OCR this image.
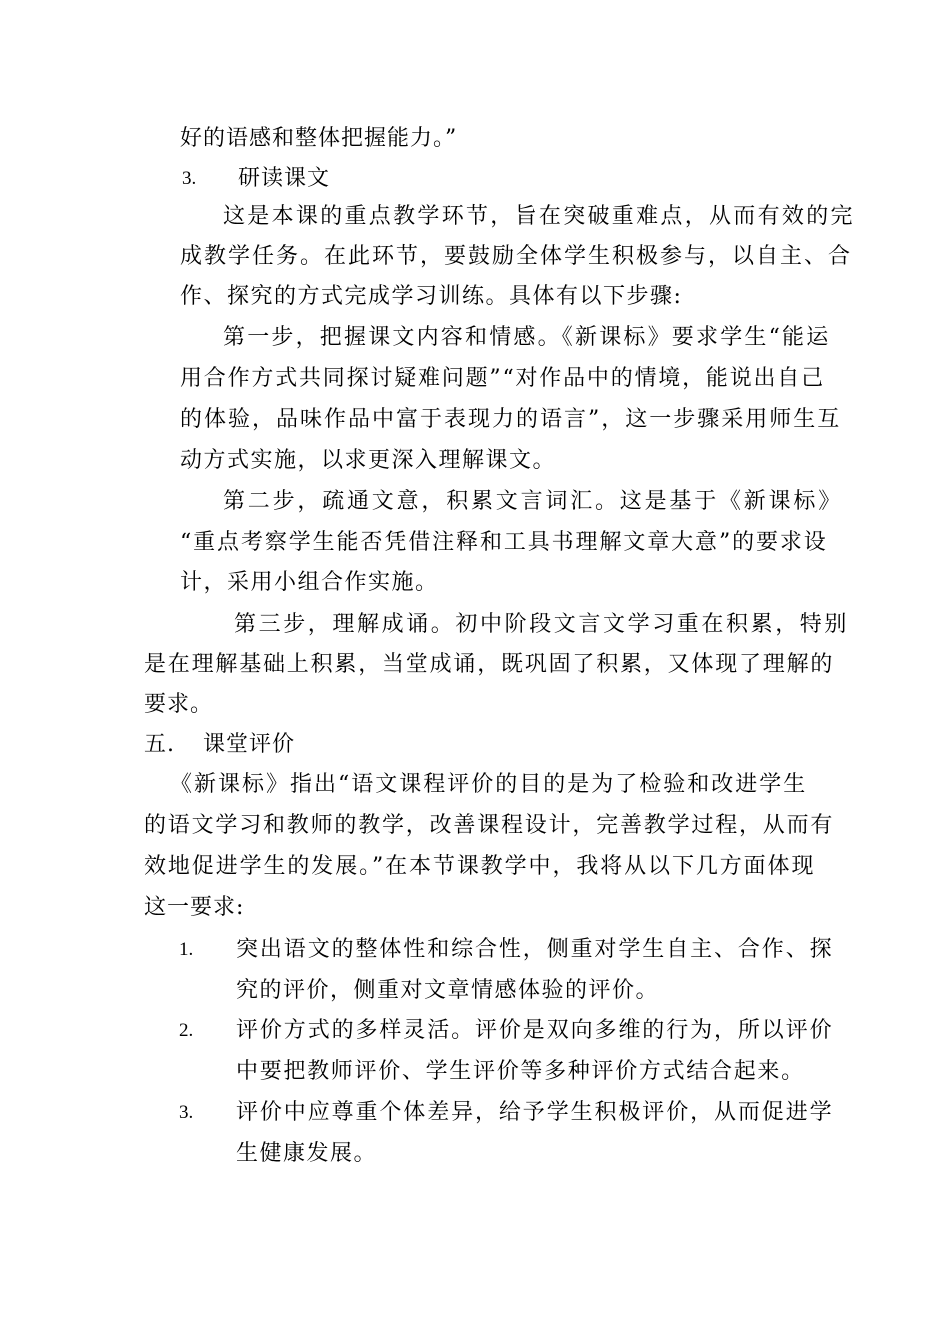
好的语感和整体把握能力。”
3. 研读课文
这是本课的重点教学环节，旨在突破重难点，从而有效的完
成教学任务。在此环节，要鼓励全体学生积极参与，以自主、合
作、探究的方式完成学习训练。具体有以下步骤:
第一步，把握课文内容和情感。《新课标》要求学生“能运
用合作方式共同探讨疑难问题”“对作品中的情境，能说出自己
的体验，品味作品中富于表现力的语言”，这一步骤采用师生互
动方式实施，以求更深入理解课文。
第二步，疏通文意，积累文言词汇。这是基于《新课标》
“重点考察学生能否凭借注释和工具书理解文章大意”的要求设
计，采用小组合作实施。
第三步，理解成诵。初中阶段文言文学习重在积累，特别
是在理解基础上积累，当堂成诵，既巩固了积累，又体现了理解的
要求。
五. 课堂评价
《新课标》指出“语文课程评价的目的是为了检验和改进学生
的语文学习和教师的教学，改善课程设计，完善教学过程，从而有
效地促进学生的发展。”在本节课教学中，我将从以下几方面体现
这一要求:
1. 突出语文的整体性和综合性，侧重对学生自主、合作、探
究的评价，侧重对文章情感体验的评价。
2. 评价方式的多样灵活。评价是双向多维的行为，所以评价
中要把教师评价、学生评价等多种评价方式结合起来。
3. 评价中应尊重个体差异，给予学生积极评价，从而促进学
生健康发展。
